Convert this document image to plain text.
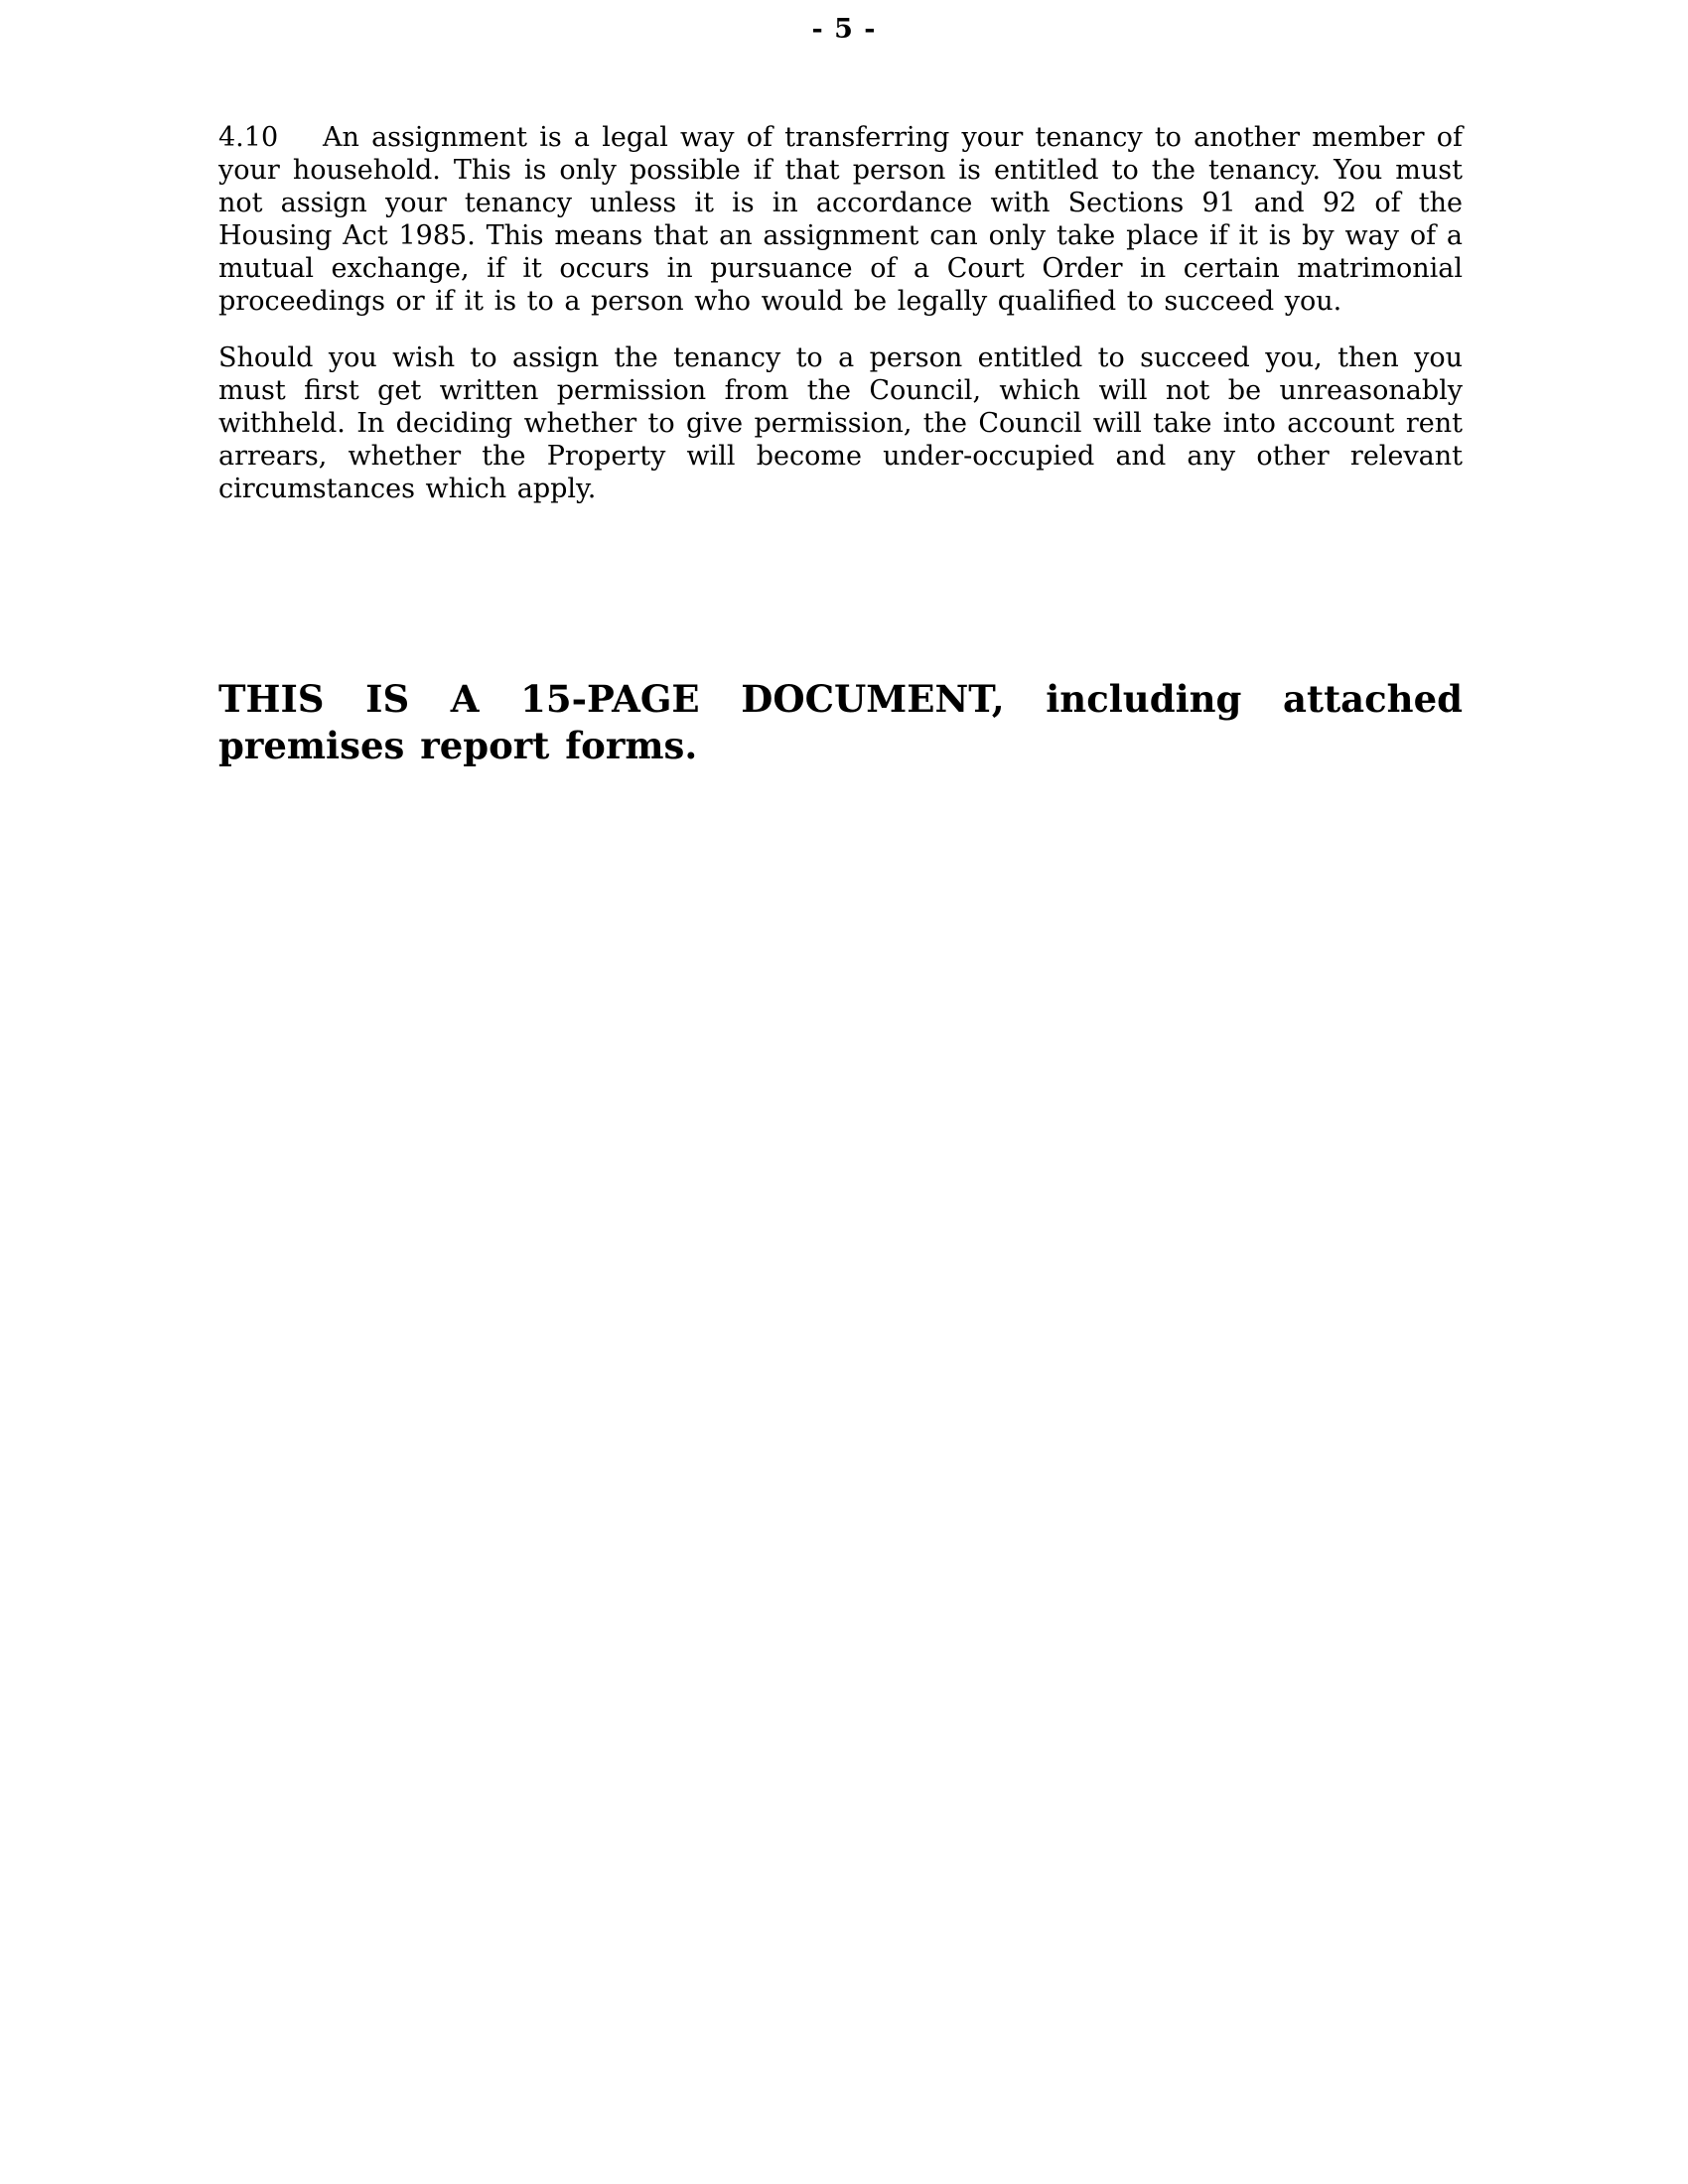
- 5 -

4.10 An assignment is a legal way of transferring your tenancy to another member of your household. This is only possible if that person is entitled to the tenancy. You must not assign your tenancy unless it is in accordance with Sections 91 and 92 of the Housing Act 1985. This means that an assignment can only take place if it is by way of a mutual exchange, if it occurs in pursuance of a Court Order in certain matrimonial proceedings or if it is to a person who would be legally qualified to succeed you.

Should you wish to assign the tenancy to a person entitled to succeed you, then you must first get written permission from the Council, which will not be unreasonably withheld. In deciding whether to give permission, the Council will take into account rent arrears, whether the Property will become under-occupied and any other relevant circumstances which apply.

THIS IS A 15-PAGE DOCUMENT, including attached premises report forms.
